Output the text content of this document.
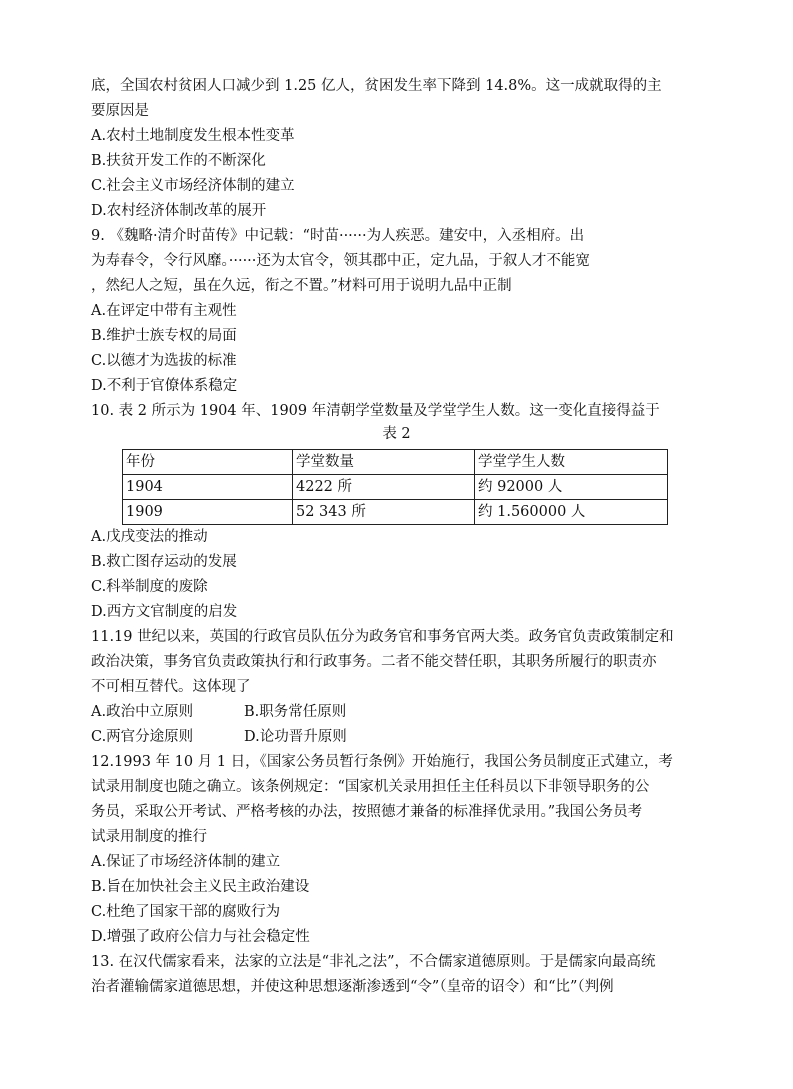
底，全国农村贫困人口减少到 1.25 亿人，贫困发生率下降到 14.8%。这一成就取得的主
要原因是
A.农村土地制度发生根本性变革
B.扶贫开发工作的不断深化
C.社会主义市场经济体制的建立
D.农村经济体制改革的展开
9. 《魏略·清介时苗传》中记载：“时苗······为人疾恶。建安中，入丞相府。出
为寿春令，令行风靡。······还为太官令，领其郡中正，定九品，于叙人才不能宽
，然纪人之短，虽在久远，衔之不置。”材料可用于说明九品中正制
A.在评定中带有主观性
B.维护士族专权的局面
C.以德才为选拔的标准
D.不利于官僚体系稳定
10. 表 2 所示为 1904 年、1909 年清朝学堂数量及学堂学生人数。这一变化直接得益于
表 2
年份	学堂数量	学堂学生人数
1904	4222 所	约 92000 人
1909	52 343 所	约 1.560000 人
A.戊戌变法的推动
B.救亡图存运动的发展
C.科举制度的废除
D.西方文官制度的启发
11.19 世纪以来，英国的行政官员队伍分为政务官和事务官两大类。政务官负责政策制定和
政治决策，事务官负责政策执行和行政事务。二者不能交替任职，其职务所履行的职责亦
不可相互替代。这体现了
A.政治中立原则	B.职务常任原则
C.两官分途原则	D.论功晋升原则
12.1993 年 10 月 1 日，《国家公务员暂行条例》开始施行，我国公务员制度正式建立，考
试录用制度也随之确立。该条例规定：“国家机关录用担任主任科员以下非领导职务的公
务员，采取公开考试、严格考核的办法，按照德才兼备的标准择优录用。”我国公务员考
试录用制度的推行
A.保证了市场经济体制的建立
B.旨在加快社会主义民主政治建设
C.杜绝了国家干部的腐败行为
D.增强了政府公信力与社会稳定性
13. 在汉代儒家看来，法家的立法是“非礼之法”，不合儒家道德原则。于是儒家向最高统
治者灌输儒家道德思想，并使这种思想逐渐渗透到“令”（皇帝的诏令）和“比”（判例
